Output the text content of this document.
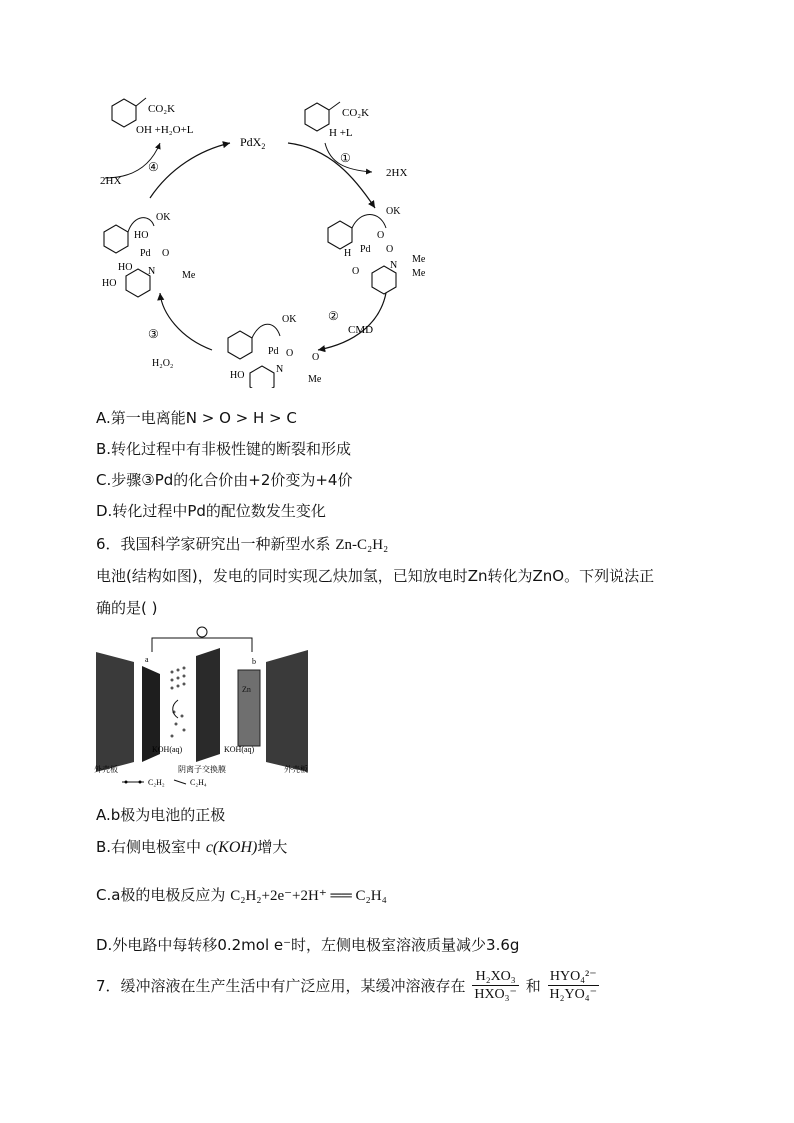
PdX$_2$
CO₂K
OH +H₂O+L
④
2HX
CO₂K
H +L
①
2HX
OK
O
Pd
H	O
N
O
Me
Me
②
CMD
OK
Pd O O
N
HO	Me
③
H₂O₂
OK
HO
Pd O
HO N
HO
Me
A.第一电离能N > O > H > C
B.转化过程中有非极性键的断裂和形成
C.步骤③Pd的化合价由+2价变为+4价
D.转化过程中Pd的配位数发生变化
6．我国科学家研究出一种新型水系 Zn-C₂H₂
电池(结构如图)，发电的同时实现乙炔加氢，已知放电时Zn转化为ZnO。下列说法正
确的是( )
a	b
Zn
KOH(aq)	KOH(aq)
外壳板	阴离子交换膜	外壳板
C₂H₂	C₂H₄
A.b极为电池的正极
B.右侧电极室中 c(KOH)增大
C.a极的电极反应为 C₂H₂+2e⁻+2H⁺ ══ C₂H₄
D.外电路中每转移0.2mol e⁻时，左侧电极室溶液质量减少3.6g
7．缓冲溶液在生产生活中有广泛应用，某缓冲溶液存在 $\frac{\text{H₂XO₃}}{\text{HXO₃⁻}}$ 和 $\frac{\text{HYO₄²⁻}}{\text{H₂YO₄⁻}}$
